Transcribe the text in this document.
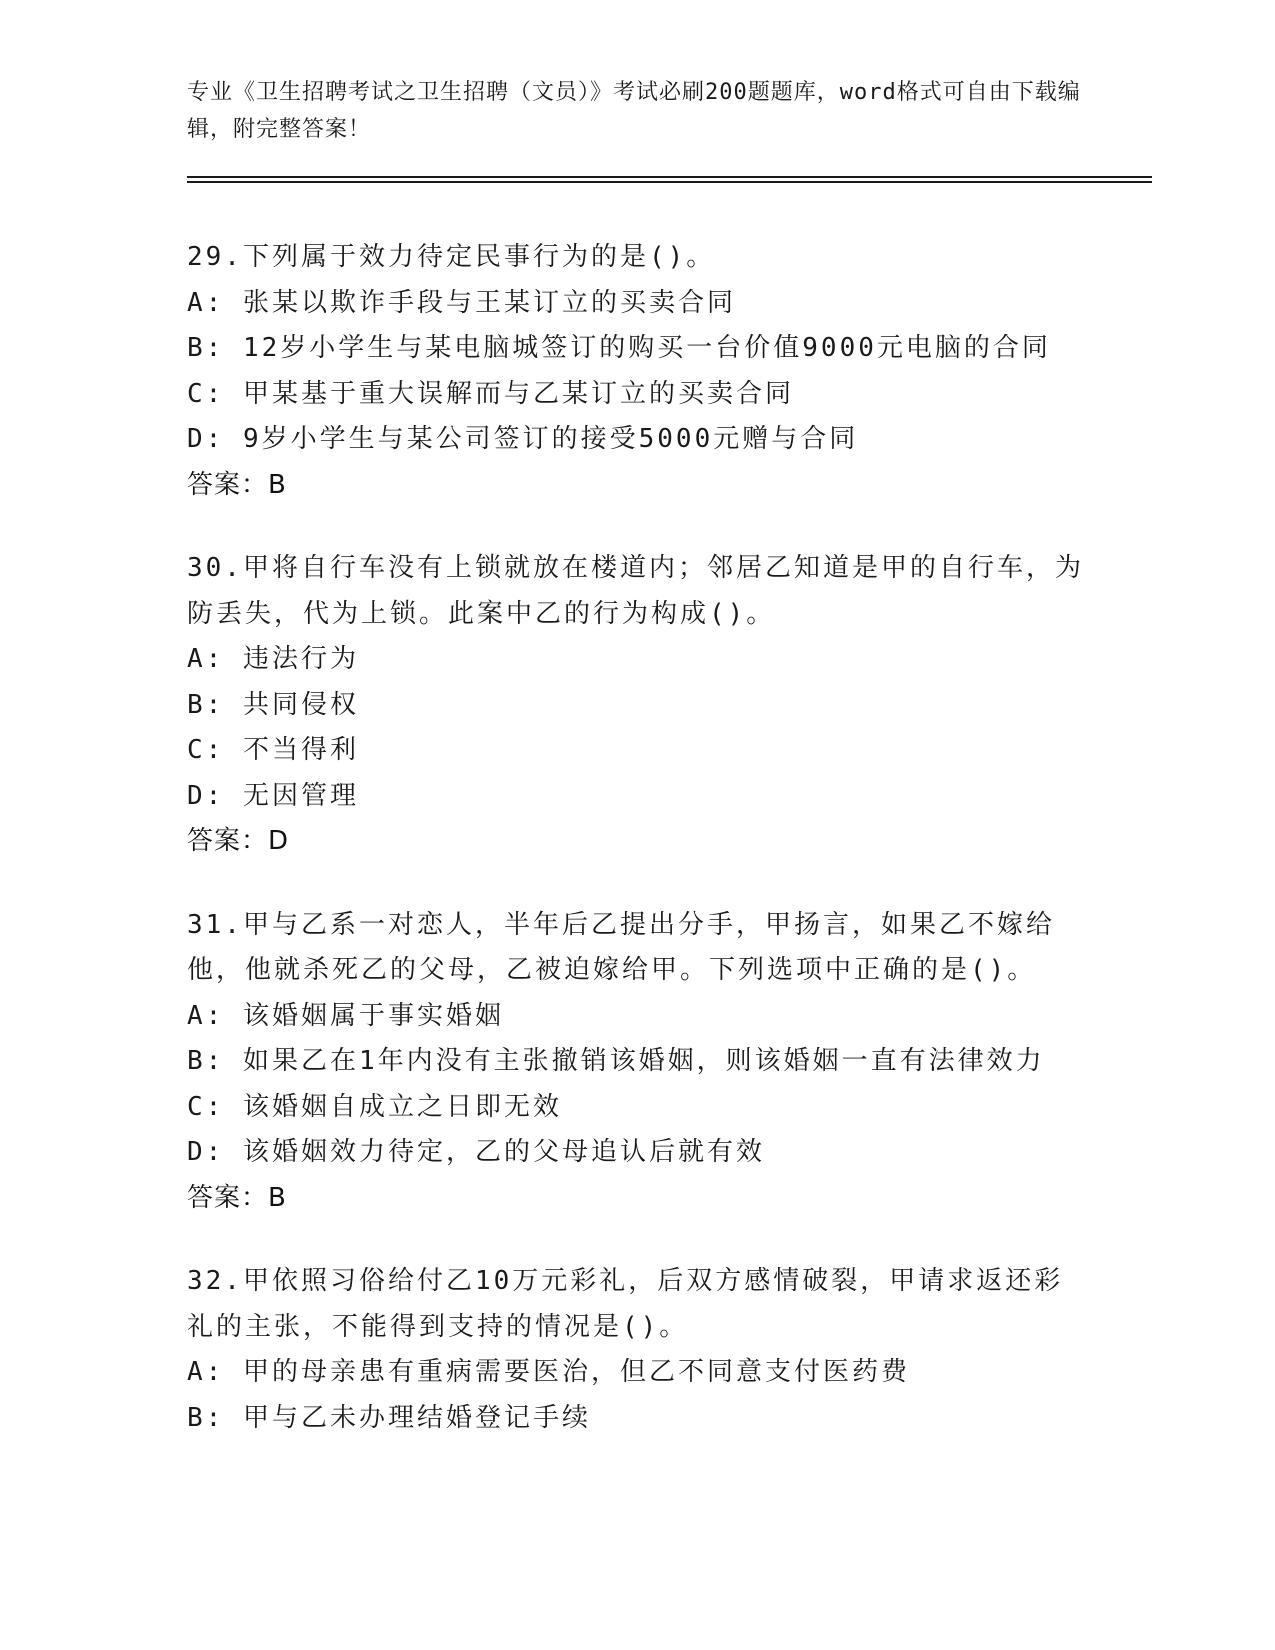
专业《卫生招聘考试之卫生招聘（文员）》考试必刷200题题库，word格式可自由下载编辑，附完整答案！
29.下列属于效力待定民事行为的是()。
A: 张某以欺诈手段与王某订立的买卖合同
B: 12岁小学生与某电脑城签订的购买一台价值9000元电脑的合同
C: 甲某基于重大误解而与乙某订立的买卖合同
D: 9岁小学生与某公司签订的接受5000元赠与合同
答案：B
30.甲将自行车没有上锁就放在楼道内；邻居乙知道是甲的自行车，为防丢失，代为上锁。此案中乙的行为构成()。
A: 违法行为
B: 共同侵权
C: 不当得利
D: 无因管理
答案：D
31.甲与乙系一对恋人，半年后乙提出分手，甲扬言，如果乙不嫁给他，他就杀死乙的父母，乙被迫嫁给甲。下列选项中正确的是()。
A: 该婚姻属于事实婚姻
B: 如果乙在1年内没有主张撤销该婚姻，则该婚姻一直有法律效力
C: 该婚姻自成立之日即无效
D: 该婚姻效力待定，乙的父母追认后就有效
答案：B
32.甲依照习俗给付乙10万元彩礼，后双方感情破裂，甲请求返还彩礼的主张，不能得到支持的情况是()。
A: 甲的母亲患有重病需要医治，但乙不同意支付医药费
B: 甲与乙未办理结婚登记手续
